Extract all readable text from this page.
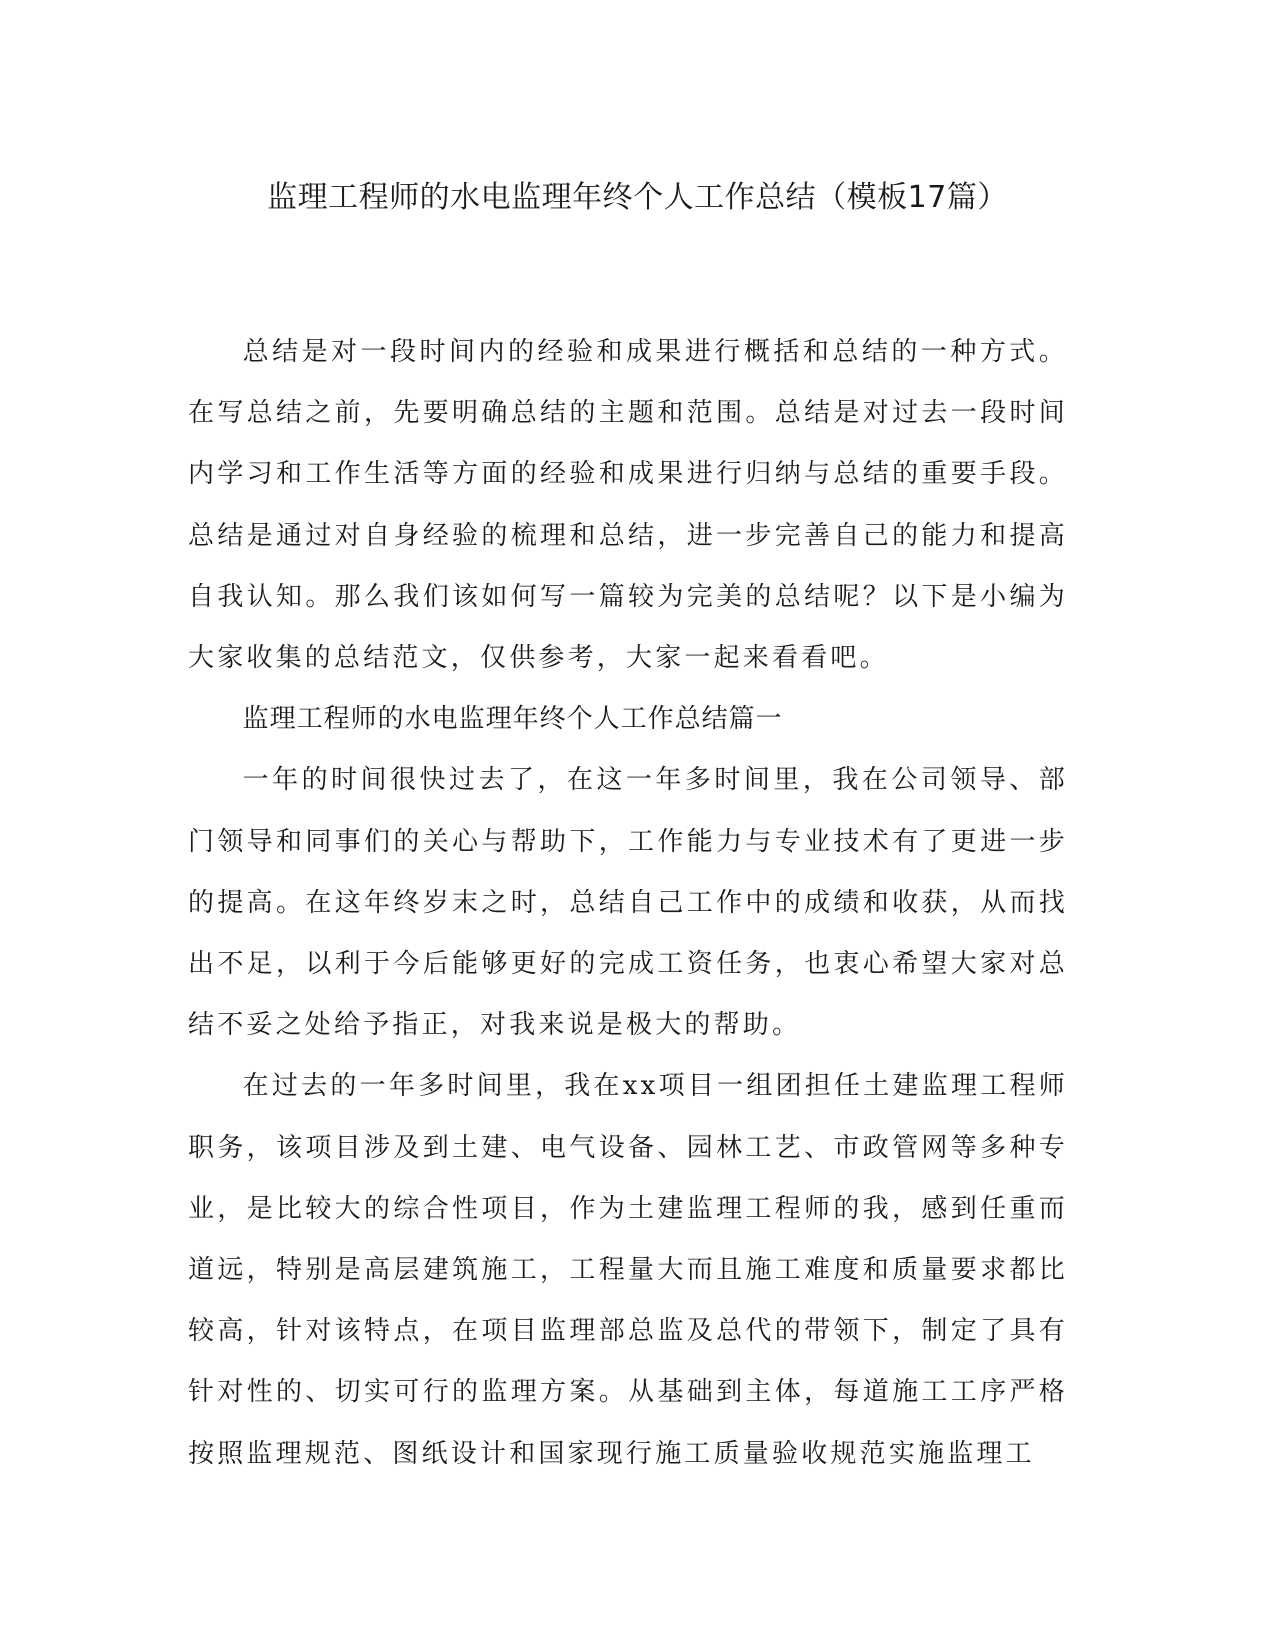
监理工程师的水电监理年终个人工作总结（模板17篇）

总结是对一段时间内的经验和成果进行概括和总结的一种方式。在写总结之前，先要明确总结的主题和范围。总结是对过去一段时间内学习和工作生活等方面的经验和成果进行归纳与总结的重要手段。总结是通过对自身经验的梳理和总结，进一步完善自己的能力和提高自我认知。那么我们该如何写一篇较为完美的总结呢？以下是小编为大家收集的总结范文，仅供参考，大家一起来看看吧。

监理工程师的水电监理年终个人工作总结篇一

一年的时间很快过去了，在这一年多时间里，我在公司领导、部门领导和同事们的关心与帮助下，工作能力与专业技术有了更进一步的提高。在这年终岁末之时，总结自己工作中的成绩和收获，从而找出不足，以利于今后能够更好的完成工资任务，也衷心希望大家对总结不妥之处给予指正，对我来说是极大的帮助。

在过去的一年多时间里，我在xx项目一组团担任土建监理工程师职务，该项目涉及到土建、电气设备、园林工艺、市政管网等多种专业，是比较大的综合性项目，作为土建监理工程师的我，感到任重而道远，特别是高层建筑施工，工程量大而且施工难度和质量要求都比较高，针对该特点，在项目监理部总监及总代的带领下，制定了具有针对性的、切实可行的监理方案。从基础到主体，每道施工工序严格按照监理规范、图纸设计和国家现行施工质量验收规范实施监理工
